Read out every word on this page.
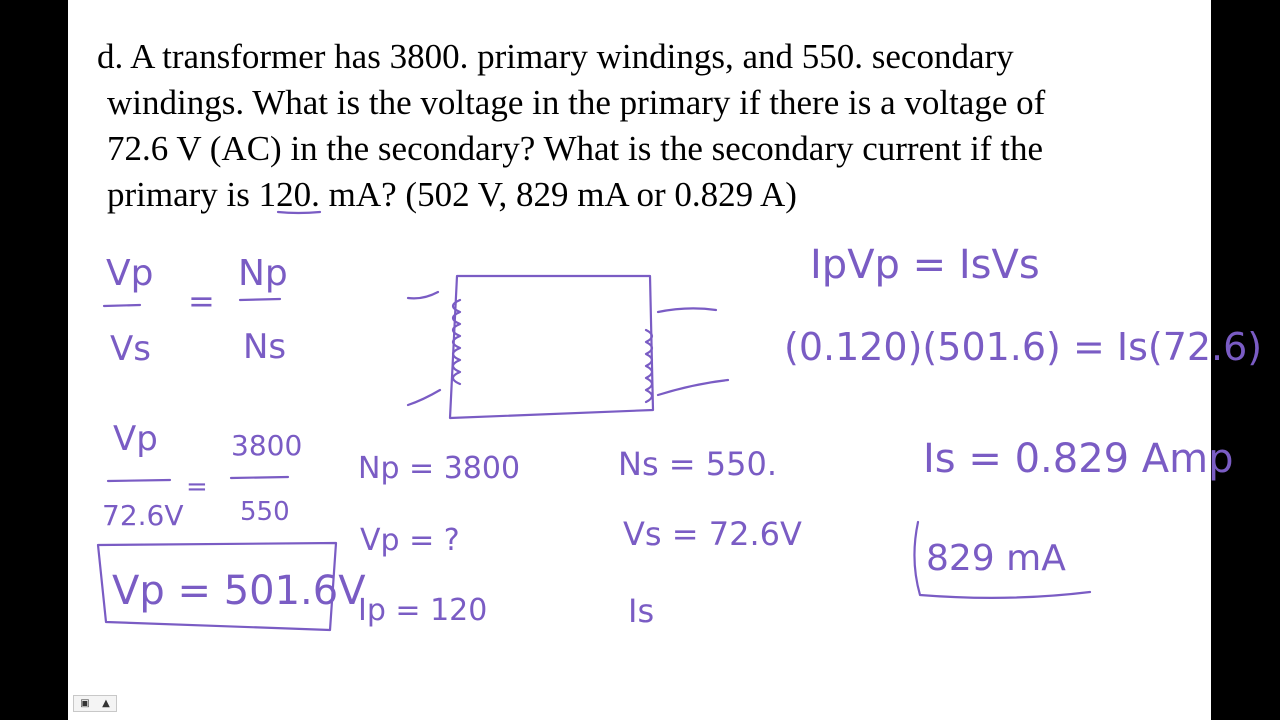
d. A transformer has 3800. primary windings, and 550. secondary
windings. What is the voltage in the primary if there is a voltage of
72.6 V (AC) in the secondary? What is the secondary current if the
primary is 120. mA? (502 V, 829 mA or 0.829 A)
Vp
Vs
=
Np
Ns
Vp
72.6V
=
3800
550
Vp = 501.6V
Np = 3800
Vp = ?
Ip = 120
Ns = 550.
Vs = 72.6V
Is
IpVp = IsVs
(0.120)(501.6) = Is(72.6)
Is = 0.829 Amp
829 mA
▣ ▲
